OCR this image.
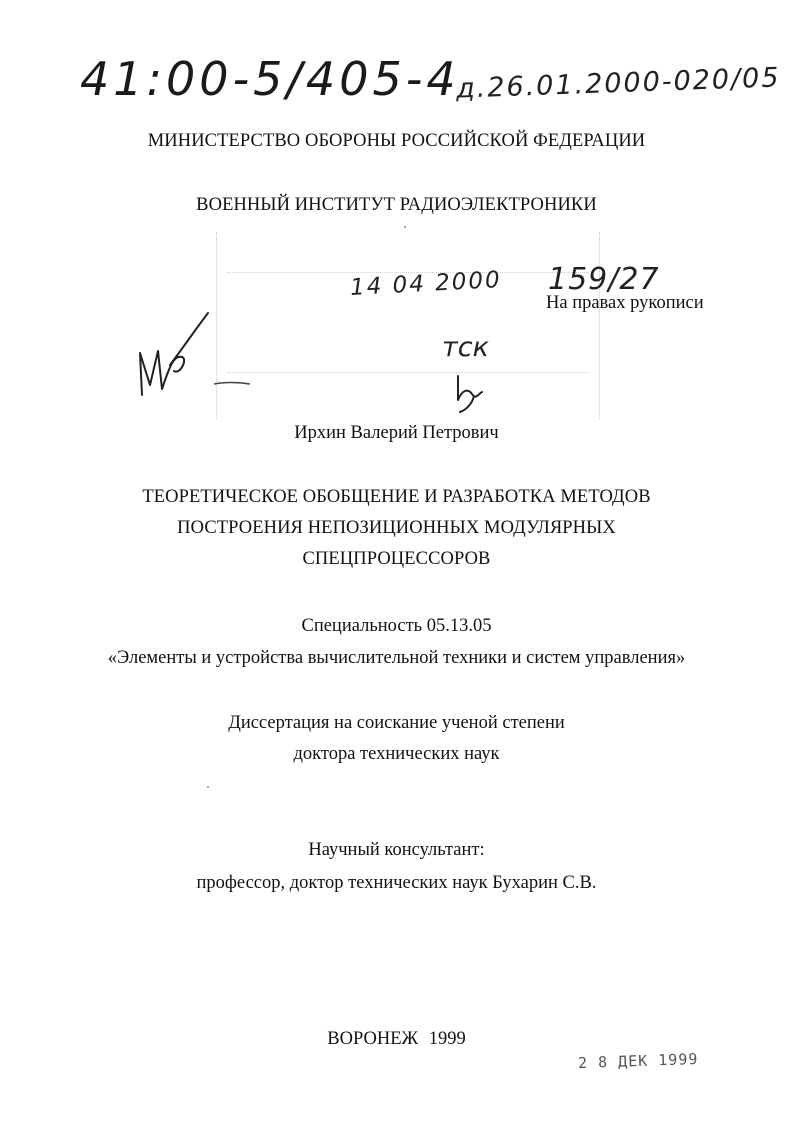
41:00-5/405-4
д.26.01.2000-020/05
МИНИСТЕРСТВО ОБОРОНЫ РОССИЙСКОЙ ФЕДЕРАЦИИ
ВОЕННЫЙ ИНСТИТУТ РАДИОЭЛЕКТРОНИКИ
14 04 2000 159/27
На правах рукописи
тск
Ирхин Валерий Петрович
ТЕОРЕТИЧЕСКОЕ ОБОБЩЕНИЕ И РАЗРАБОТКА МЕТОДОВ
ПОСТРОЕНИЯ НЕПОЗИЦИОННЫХ МОДУЛЯРНЫХ
СПЕЦПРОЦЕССОРОВ
Специальность 05.13.05
«Элементы и устройства вычислительной техники и систем управления»
Диссертация на соискание ученой степени
доктора технических наук
Научный консультант:
профессор, доктор технических наук Бухарин С.В.
ВОРОНЕЖ 1999
2 8 ДЕК 1999
